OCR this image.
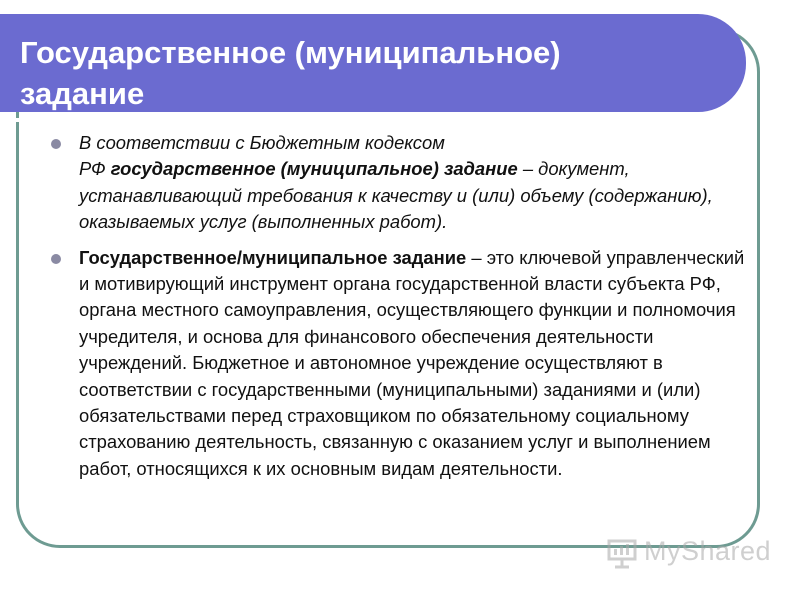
Государственное (муниципальное)
задание
В соответствии с Бюджетным кодексом
РФ государственное (муниципальное) задание – документ, устанавливающий требования к качеству и (или) объему (содержанию), оказываемых услуг (выполненных работ).
Государственное/муниципальное задание – это ключевой управленческий и мотивирующий инструмент органа государственной власти субъекта РФ, органа местного самоуправления, осуществляющего функции и полномочия учредителя, и основа для финансового обеспечения деятельности учреждений. Бюджетное и автономное учреждение осуществляют в соответствии с государственными (муниципальными) заданиями и (или) обязательствами перед страховщиком по обязательному социальному страхованию деятельность, связанную с оказанием услуг и выполнением работ, относящихся к их основным видам деятельности.
MyShared
